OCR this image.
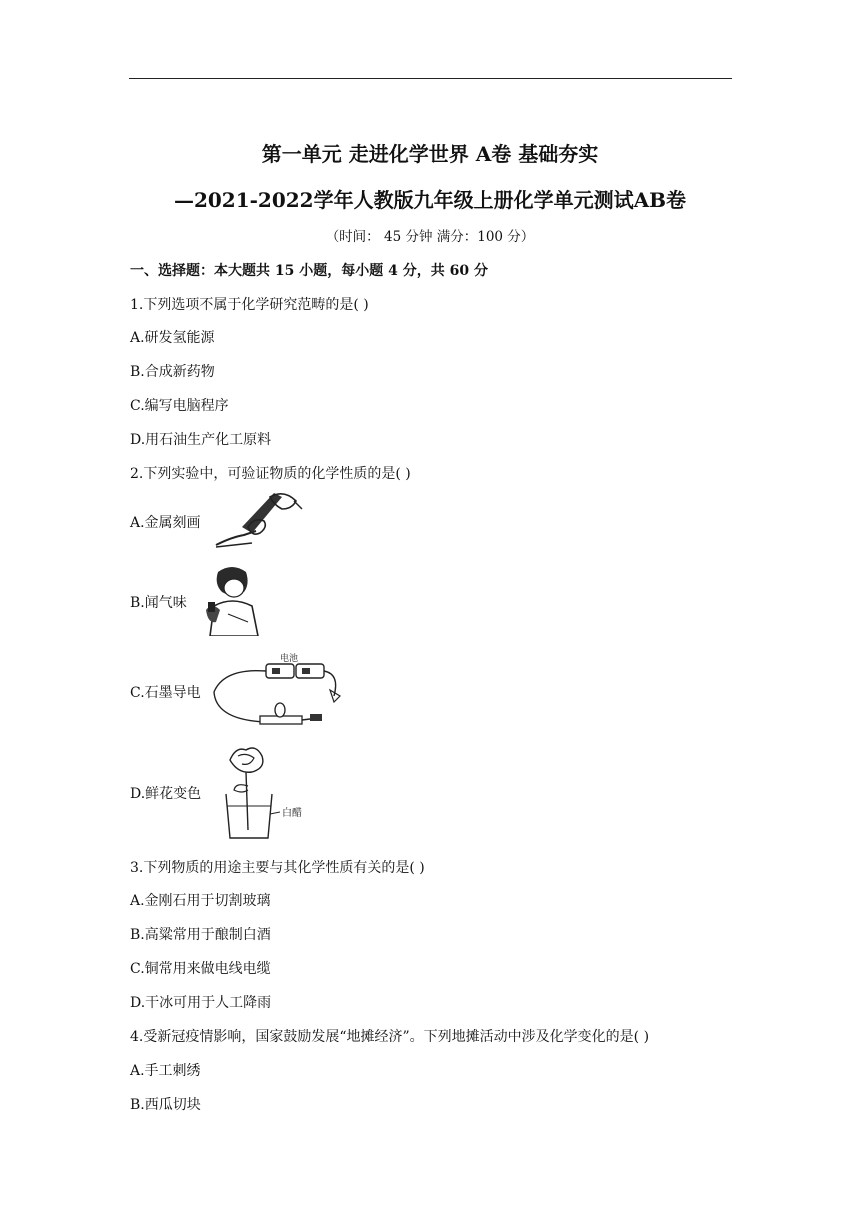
第一单元 走进化学世界 A卷 基础夯实
—2021-2022学年人教版九年级上册化学单元测试AB卷
（时间： 45 分钟 满分：100 分）
一、选择题：本大题共 15 小题，每小题 4 分，共 60 分
1.下列选项不属于化学研究范畴的是( )
A.研发氢能源
B.合成新药物
C.编写电脑程序
D.用石油生产化工原料
2.下列实验中，可验证物质的化学性质的是( )
A.金属刻画
B.闻气味
C.石墨导电
电池
D.鲜花变色
白醋
3.下列物质的用途主要与其化学性质有关的是( )
A.金刚石用于切割玻璃
B.高粱常用于酿制白酒
C.铜常用来做电线电缆
D.干冰可用于人工降雨
4.受新冠疫情影响，国家鼓励发展“地摊经济”。下列地摊活动中涉及化学变化的是( )
A.手工刺绣
B.西瓜切块
